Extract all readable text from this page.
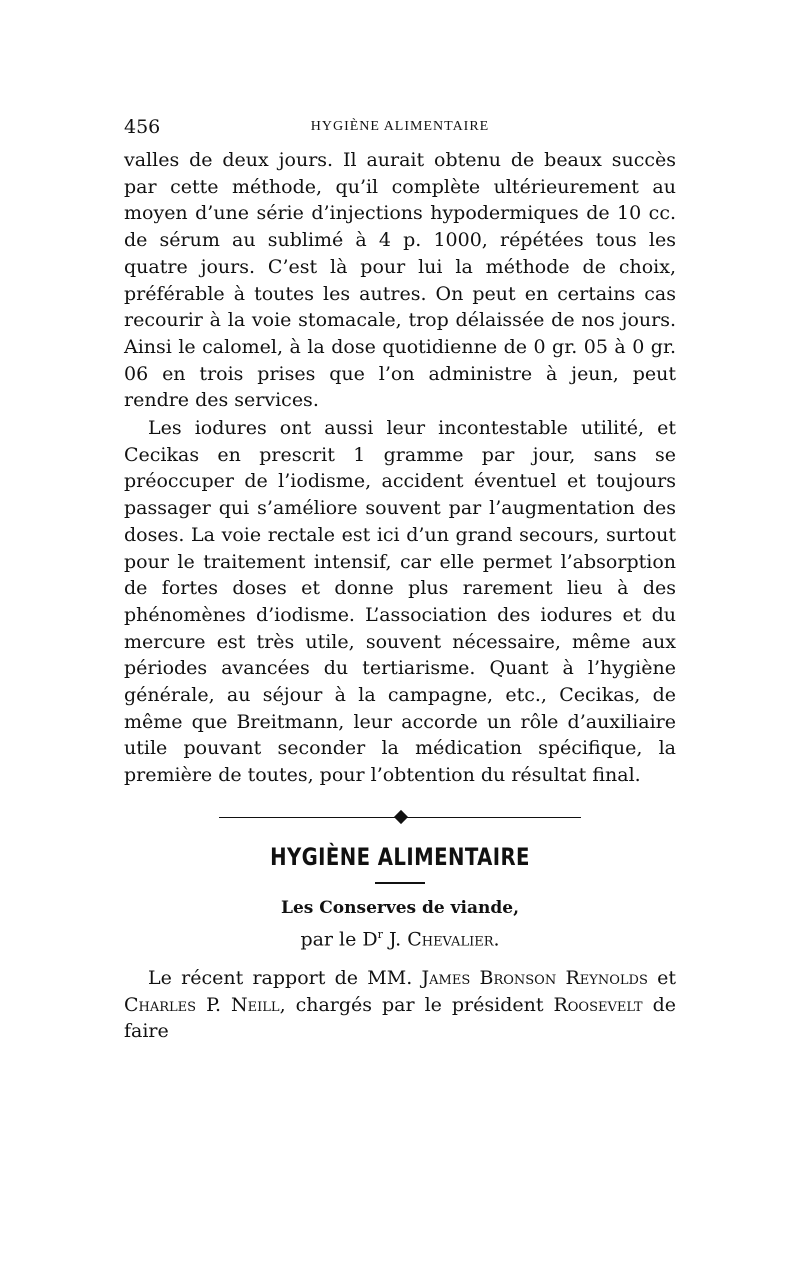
456	HYGIÈNE ALIMENTAIRE

valles de deux jours. Il aurait obtenu de beaux succès par cette méthode, qu’il complète ultérieurement au moyen d’une série d’injections hypodermiques de 10 cc. de sérum au sublimé à 4 p. 1000, répétées tous les quatre jours. C’est là pour lui la méthode de choix, préférable à toutes les autres. On peut en certains cas recourir à la voie stomacale, trop délaissée de nos jours. Ainsi le calomel, à la dose quotidienne de 0 gr. 05 à 0 gr. 06 en trois prises que l’on administre à jeun, peut rendre des services.

Les iodures ont aussi leur incontestable utilité, et Cecikas en prescrit 1 gramme par jour, sans se préoccuper de l’iodisme, accident éventuel et toujours passager qui s’améliore souvent par l’augmentation des doses. La voie rectale est ici d’un grand secours, surtout pour le traitement intensif, car elle permet l’absorption de fortes doses et donne plus rarement lieu à des phénomènes d’iodisme. L’association des iodures et du mercure est très utile, souvent nécessaire, même aux périodes avancées du tertiarisme. Quant à l’hygiène générale, au séjour à la campagne, etc., Cecikas, de même que Breitmann, leur accorde un rôle d’auxiliaire utile pouvant seconder la médication spécifique, la première de toutes, pour l’obtention du résultat final.

HYGIÈNE ALIMENTAIRE
Les Conserves de viande,
par le $D^r$ J. Chevalier.

Le récent rapport de MM. James Bronson Reynolds et Charles P. Neill, chargés par le président Roosevelt de faire
